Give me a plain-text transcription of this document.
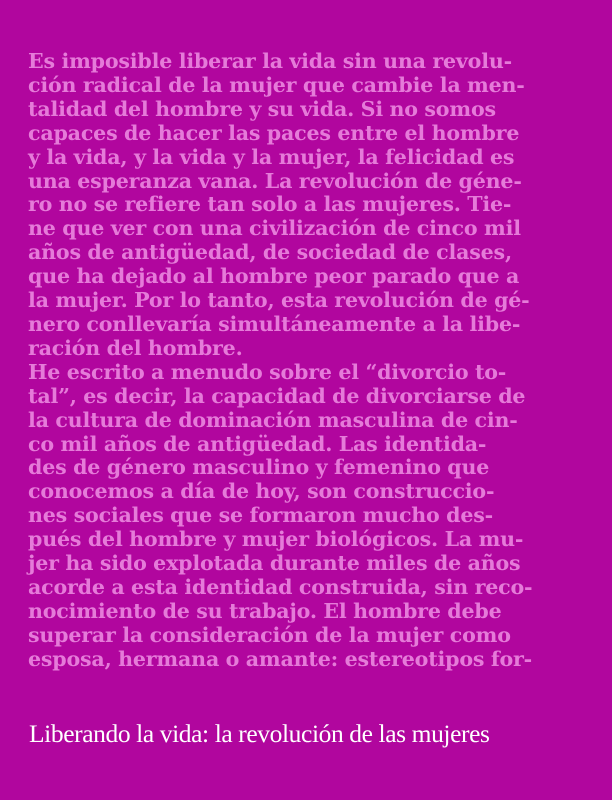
Es imposible liberar la vida sin una revolu-
ción radical de la mujer que cambie la men-
talidad del hombre y su vida. Si no somos
capaces de hacer las paces entre el hombre
y la vida, y la vida y la mujer, la felicidad es
una esperanza vana. La revolución de géne-
ro no se refiere tan solo a las mujeres. Tie-
ne que ver con una civilización de cinco mil
años de antigüedad, de sociedad de clases,
que ha dejado al hombre peor parado que a
la mujer. Por lo tanto, esta revolución de gé-
nero conllevaría simultáneamente a la libe-
ración del hombre.
He escrito a menudo sobre el “divorcio to-
tal”, es decir, la capacidad de divorciarse de
la cultura de dominación masculina de cin-
co mil años de antigüedad. Las identida-
des de género masculino y femenino que
conocemos a día de hoy, son construccio-
nes sociales que se formaron mucho des-
pués del hombre y mujer biológicos. La mu-
jer ha sido explotada durante miles de años
acorde a esta identidad construida, sin reco-
nocimiento de su trabajo. El hombre debe
superar la consideración de la mujer como
esposa, hermana o amante: estereotipos for-
Liberando la vida: la revolución de las mujeres
